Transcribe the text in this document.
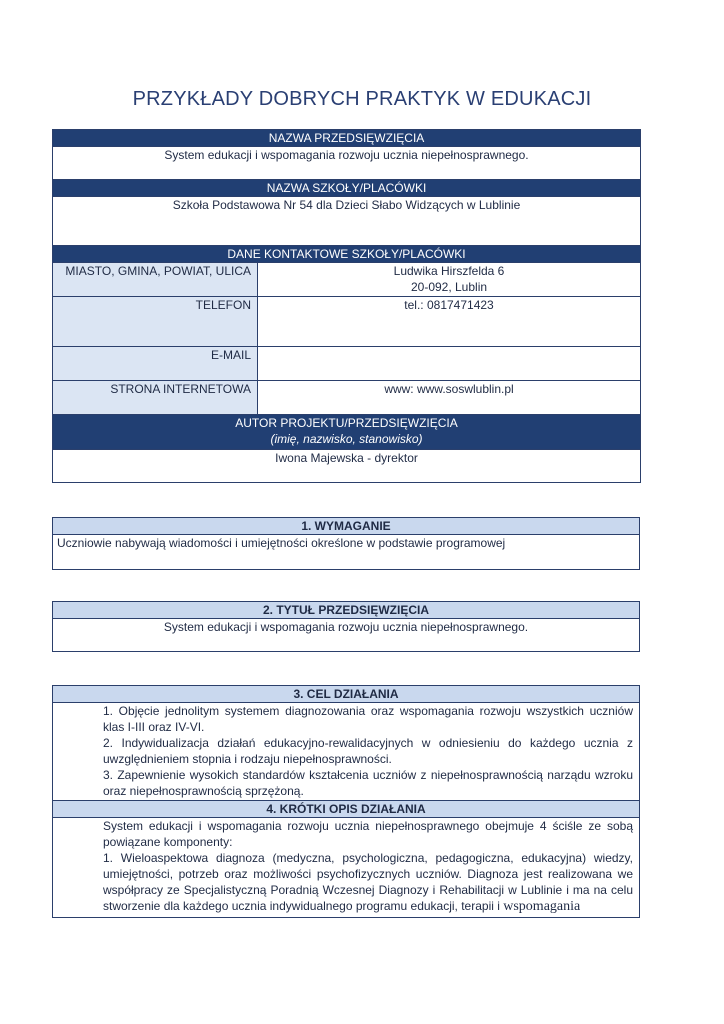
PRZYKŁADY DOBRYCH PRAKTYK W EDUKACJI
NAZWA PRZEDSIĘWZIĘCIA	
System edukacji i wspomagania rozwoju ucznia niepełnosprawnego.	
NAZWA SZKOŁY/PLACÓWKI	
Szkoła Podstawowa Nr 54 dla Dzieci Słabo Widzących w Lublinie	
DANE KONTAKTOWE SZKOŁY/PLACÓWKI	
MIASTO, GMINA, POWIAT, ULICA	Ludwika Hirszfelda 6
20-092, Lublin

TELEFON	tel.: 0817471423
E-MAIL	
STRONA INTERNETOWA	www: www.soswlublin.pl

AUTOR PROJEKTU/PRZEDSIĘWZIĘCIA
(imię, nazwisko, stanowisko)	

Iwona Majewska - dyrektor	
1. WYMAGANIE
Uczniowie nabywają wiadomości i umiejętności określone w podstawie programowej
2. TYTUŁ PRZEDSIĘWZIĘCIA
System edukacji i wspomagania rozwoju ucznia niepełnosprawnego.
3. CEL DZIAŁANIA

1. Objęcie jednolitym systemem diagnozowania oraz wspomagania rozwoju wszystkich uczniów klas I-III oraz IV-VI.
2. Indywidualizacja działań edukacyjno-rewalidacyjnych w odniesieniu do każdego ucznia z uwzględnieniem stopnia i rodzaju niepełnosprawności.
3. Zapewnienie wysokich standardów kształcenia uczniów z niepełnosprawnością narządu wzroku oraz niepełnosprawnością sprzężoną.

4. KRÓTKI OPIS DZIAŁANIA

System edukacji i wspomagania rozwoju ucznia niepełnosprawnego obejmuje 4 ściśle ze sobą powiązane komponenty:
1. Wieloaspektowa diagnoza (medyczna, psychologiczna, pedagogiczna, edukacyjna) wiedzy, umiejętności, potrzeb oraz możliwości psychofizycznych uczniów. Diagnoza jest realizowana we współpracy ze Specjalistyczną Poradnią Wczesnej Diagnozy i Rehabilitacji w Lublinie i ma na celu stworzenie dla każdego ucznia indywidualnego programu edukacji, terapii i wspomagania
